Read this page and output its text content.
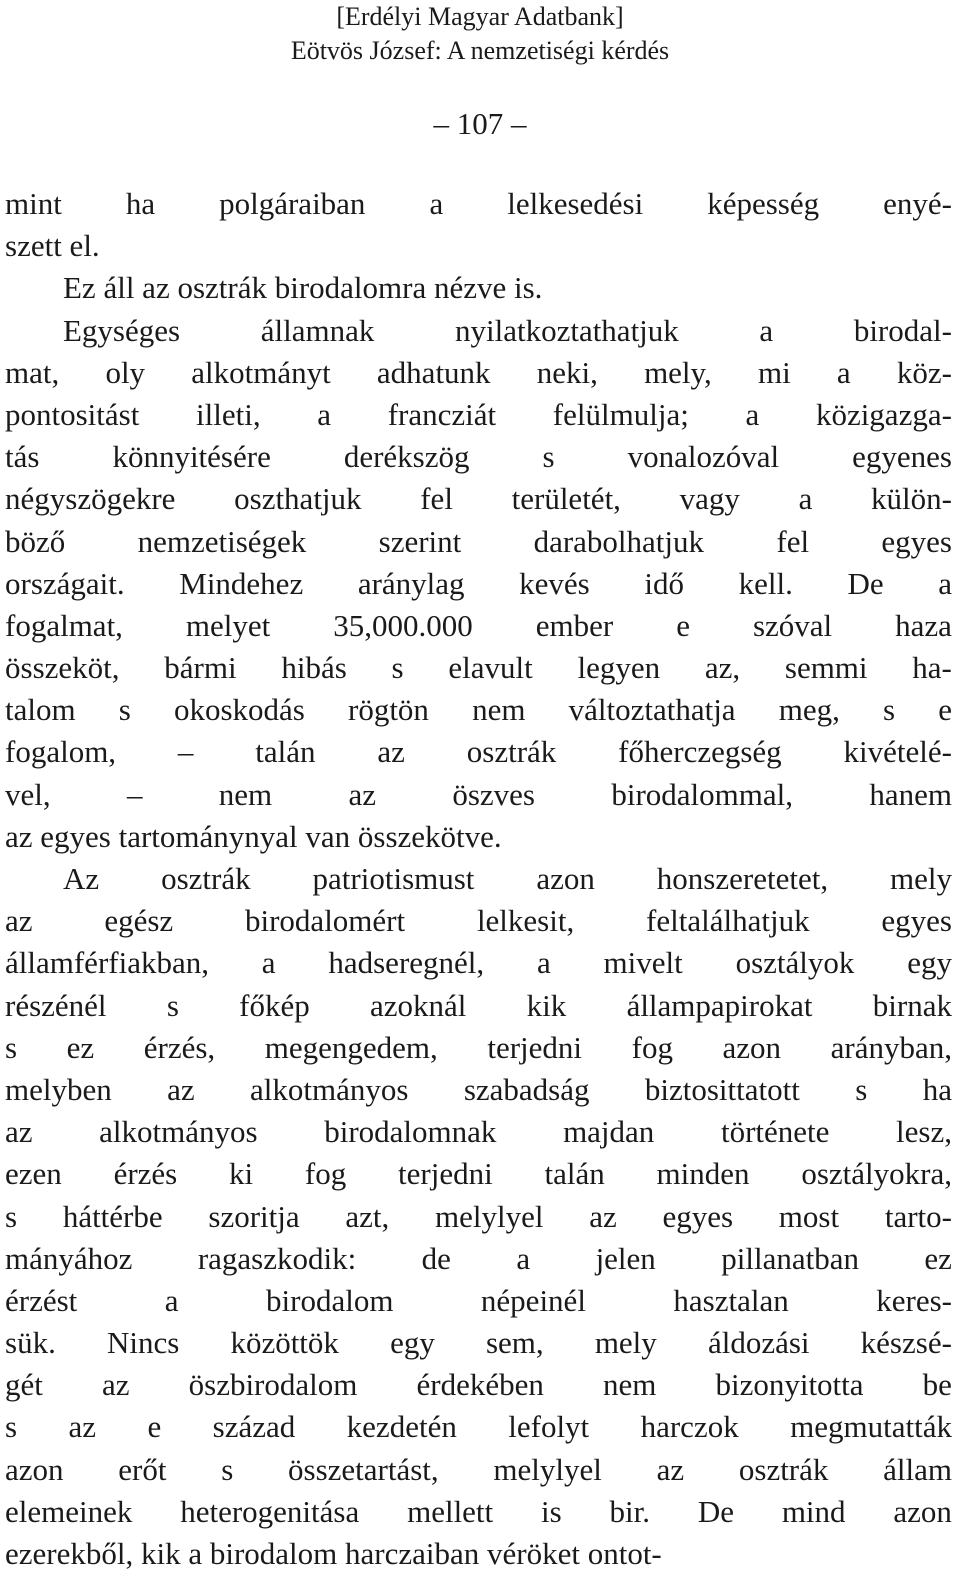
[Erdélyi Magyar Adatbank]
Eötvös József: A nemzetiségi kérdés
– 107 –
mint ha polgáraiban a lelkesedési képesség enyé-
szett el.
Ez áll az osztrák birodalomra nézve is.
Egységes	államnak	nyilatkoztathatjuk	a	birodal-
mat, oly alkotmányt adhatunk neki, mely, mi a köz-
pontositást illeti, a francziát felülmulja; a közigazga-
tás könnyitésére derékszög s vonalozóval egyenes
négyszögekre oszthatjuk fel területét, vagy a külön-
böző nemzetiségek szerint darabolhatjuk fel egyes
országait. Mindehez aránylag kevés idő kell. De a
fogalmat, melyet 35,000.000 ember e szóval haza
összeköt, bármi hibás s elavult legyen az, semmi ha-
talom s okoskodás rögtön nem változtathatja meg, s e
fogalom, – talán az osztrák főherczegség kivételé-
vel, – nem az öszves birodalommal, hanem
az egyes tartománynyal van összekötve.
Az osztrák patriotismust azon honszeretetet, mely
az egész birodalomért lelkesit, feltalálhatjuk egyes
államférfiakban, a hadseregnél, a mivelt osztályok egy
részénél s főkép azoknál kik állampapirokat birnak
s ez érzés, megengedem, terjedni fog azon arányban,
melyben az alkotmányos szabadság biztosittatott s ha
az alkotmányos birodalomnak majdan története lesz,
ezen érzés ki fog terjedni talán minden osztályokra,
s háttérbe szoritja azt, melylyel az egyes most tarto-
mányához ragaszkodik: de a jelen pillanatban ez
érzést	a	birodalom	népeinél	hasztalan	keres-
sük. Nincs közöttök egy sem, mely áldozási készsé-
gét az öszbirodalom érdekében nem bizonyitotta be
s az e század kezdetén lefolyt harczok megmutatták
azon erőt s összetartást, melylyel az osztrák állam
elemeinek heterogenitása mellett is bir. De mind azon
ezerekből, kik a birodalom harczaiban véröket ontot-
